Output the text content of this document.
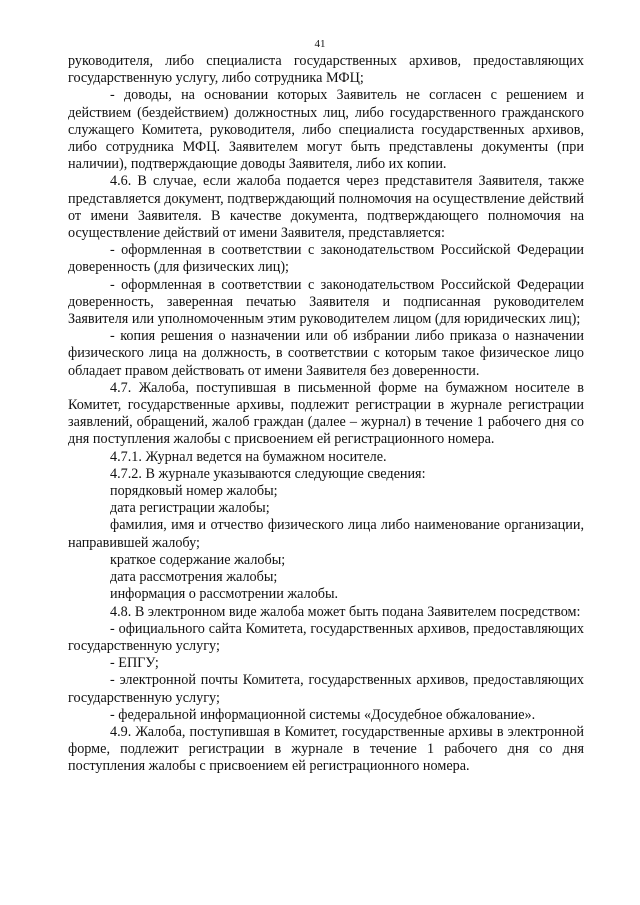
41

руководителя, либо специалиста государственных архивов, предоставляющих государственную услугу, либо сотрудника МФЦ;

- доводы, на основании которых Заявитель не согласен с решением и действием (бездействием) должностных лиц, либо государственного гражданского служащего Комитета, руководителя, либо специалиста государственных архивов, либо сотрудника МФЦ. Заявителем могут быть представлены документы (при наличии), подтверждающие доводы Заявителя, либо их копии.

4.6. В случае, если жалоба подается через представителя Заявителя, также представляется документ, подтверждающий полномочия на осуществление действий от имени Заявителя. В качестве документа, подтверждающего полномочия на осуществление действий от имени Заявителя, представляется:

- оформленная в соответствии с законодательством Российской Федерации доверенность (для физических лиц);

- оформленная в соответствии с законодательством Российской Федерации доверенность, заверенная печатью Заявителя и подписанная руководителем Заявителя или уполномоченным этим руководителем лицом (для юридических лиц);

- копия решения о назначении или об избрании либо приказа о назначении физического лица на должность, в соответствии с которым такое физическое лицо обладает правом действовать от имени Заявителя без доверенности.

4.7. Жалоба, поступившая в письменной форме на бумажном носителе в Комитет, государственные архивы, подлежит регистрации в журнале регистрации заявлений, обращений, жалоб граждан (далее – журнал) в течение 1 рабочего дня со дня поступления жалобы с присвоением ей регистрационного номера.

4.7.1. Журнал ведется на бумажном носителе.

4.7.2. В журнале указываются следующие сведения:

порядковый номер жалобы;

дата регистрации жалобы;

фамилия, имя и отчество физического лица либо наименование организации, направившей жалобу;

краткое содержание жалобы;

дата рассмотрения жалобы;

информация о рассмотрении жалобы.

4.8. В электронном виде жалоба может быть подана Заявителем посредством:

- официального сайта Комитета, государственных архивов, предоставляющих государственную услугу;

- ЕПГУ;

- электронной почты Комитета, государственных архивов, предоставляющих государственную услугу;

- федеральной информационной системы «Досудебное обжалование».

4.9. Жалоба, поступившая в Комитет, государственные архивы в электронной форме, подлежит регистрации в журнале в течение 1 рабочего дня со дня поступления жалобы с присвоением ей регистрационного номера.
